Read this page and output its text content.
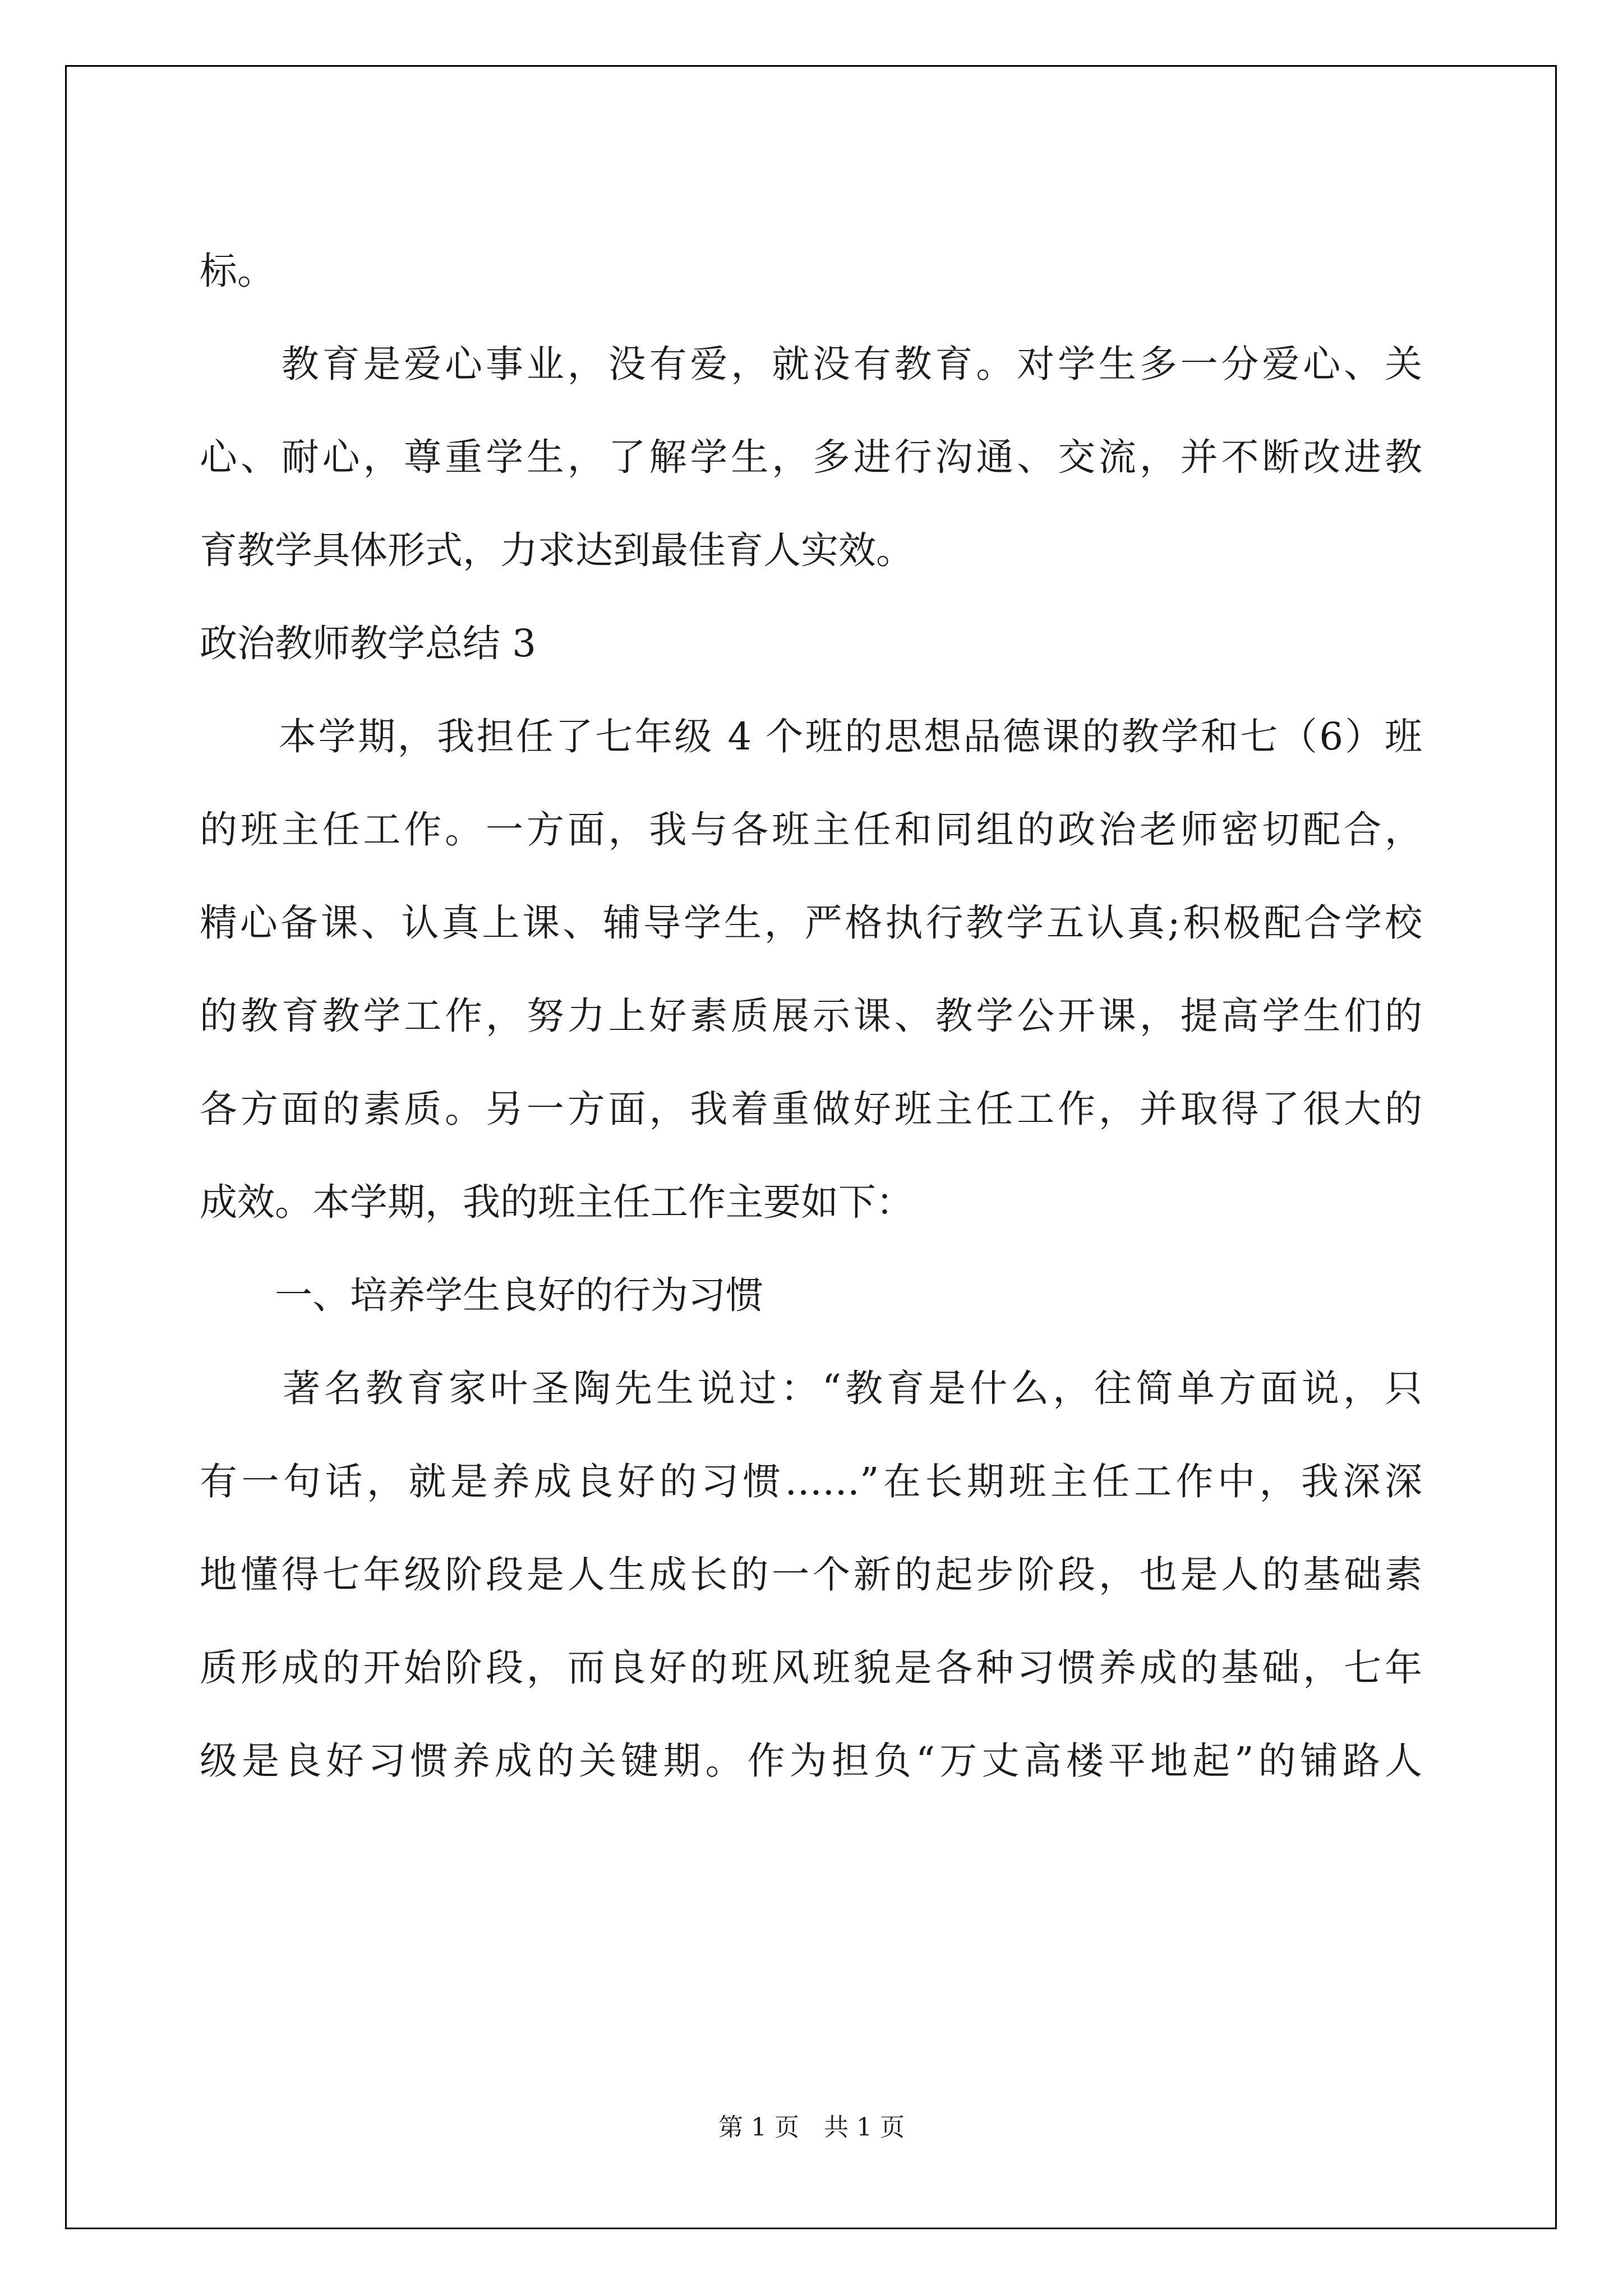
标。
　　教育是爱心事业，没有爱，就没有教育。对学生多一分爱心、关
心、耐心，尊重学生，了解学生，多进行沟通、交流，并不断改进教
育教学具体形式，力求达到最佳育人实效。
政治教师教学总结 3
　　本学期，我担任了七年级 4 个班的思想品德课的教学和七（6）班
的班主任工作。一方面，我与各班主任和同组的政治老师密切配合，
精心备课、认真上课、辅导学生，严格执行教学五认真;积极配合学校
的教育教学工作，努力上好素质展示课、教学公开课，提高学生们的
各方面的素质。另一方面，我着重做好班主任工作，并取得了很大的
成效。本学期，我的班主任工作主要如下：
　　一、培养学生良好的行为习惯
　　著名教育家叶圣陶先生说过：“教育是什么，往简单方面说，只
有一句话，就是养成良好的习惯……”在长期班主任工作中，我深深
地懂得七年级阶段是人生成长的一个新的起步阶段，也是人的基础素
质形成的开始阶段，而良好的班风班貌是各种习惯养成的基础，七年
级是良好习惯养成的关键期。作为担负“万丈高楼平地起”的铺路人
第 1 页　 共 1 页
